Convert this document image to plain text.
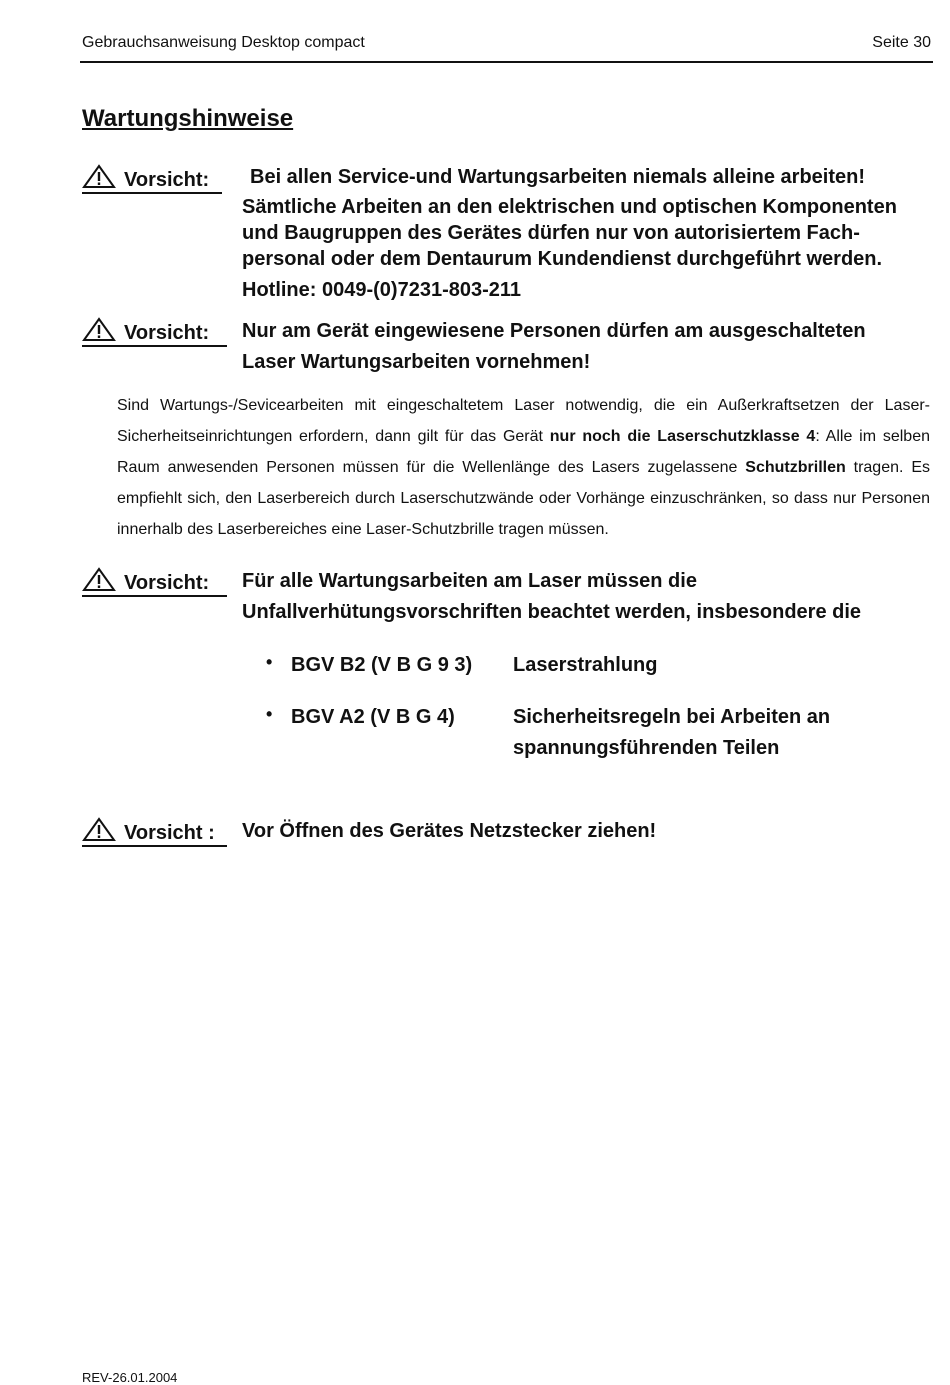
Gebrauchsanweisung Desktop compact	Seite 30
Wartungshinweise
Vorsicht:	Bei allen Service-und Wartungsarbeiten niemals alleine arbeiten!
Sämtliche Arbeiten an den elektrischen und optischen Komponenten
und Baugruppen des Gerätes dürfen nur von autorisiertem Fach-
personal oder dem Dentaurum Kundendienst durchgeführt werden.
Hotline: 0049-(0)7231-803-211
Vorsicht:	Nur am Gerät eingewiesene Personen dürfen am ausgeschalteten
Laser Wartungsarbeiten vornehmen!
Sind Wartungs-/Sevicearbeiten mit eingeschaltetem Laser notwendig, die ein Außerkraftsetzen der Laser-Sicherheitseinrichtungen erfordern, dann gilt für das Gerät nur noch die Laserschutzklasse 4: Alle im selben Raum anwesenden Personen müssen für die Wellenlänge des Lasers zugelassene Schutzbrillen tragen. Es empfiehlt sich, den Laserbereich durch Laserschutzwände oder Vorhänge einzuschränken, so dass nur Personen innerhalb des Laserbereiches eine Laser-Schutzbrille tragen müssen.
Vorsicht:	Für alle Wartungsarbeiten am Laser müssen die
Unfallverhütungsvorschriften beachtet werden, insbesondere die
• BGV B2 (V B G 9 3) Laserstrahlung
• BGV A2 (V B G 4)	Sicherheitsregeln bei Arbeiten an
spannungsführenden Teilen
Vorsicht :	Vor Öffnen des Gerätes Netzstecker ziehen!
REV-26.01.2004
